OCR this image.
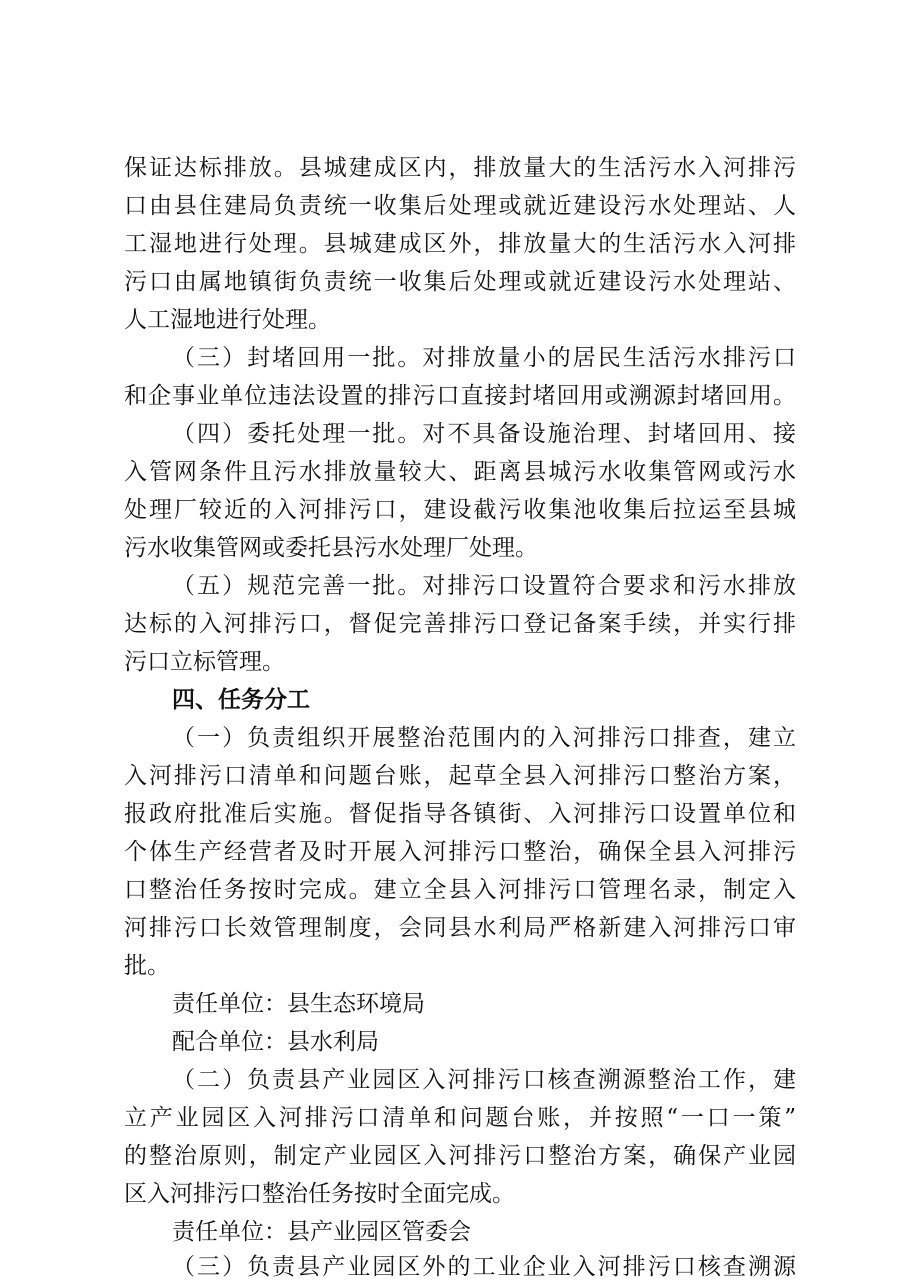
保证达标排放。县城建成区内，排放量大的生活污水入河排污
口由县住建局负责统一收集后处理或就近建设污水处理站、人
工湿地进行处理。县城建成区外，排放量大的生活污水入河排
污口由属地镇街负责统一收集后处理或就近建设污水处理站、
人工湿地进行处理。
（三）封堵回用一批。对排放量小的居民生活污水排污口
和企事业单位违法设置的排污口直接封堵回用或溯源封堵回用。
（四）委托处理一批。对不具备设施治理、封堵回用、接
入管网条件且污水排放量较大、距离县城污水收集管网或污水
处理厂较近的入河排污口，建设截污收集池收集后拉运至县城
污水收集管网或委托县污水处理厂处理。
（五）规范完善一批。对排污口设置符合要求和污水排放
达标的入河排污口，督促完善排污口登记备案手续，并实行排
污口立标管理。
四、任务分工
（一）负责组织开展整治范围内的入河排污口排查，建立
入河排污口清单和问题台账，起草全县入河排污口整治方案，
报政府批准后实施。督促指导各镇街、入河排污口设置单位和
个体生产经营者及时开展入河排污口整治，确保全县入河排污
口整治任务按时完成。建立全县入河排污口管理名录，制定入
河排污口长效管理制度，会同县水利局严格新建入河排污口审
批。
责任单位：县生态环境局
配合单位：县水利局
（二）负责县产业园区入河排污口核查溯源整治工作，建
立产业园区入河排污口清单和问题台账，并按照“一口一策”
的整治原则，制定产业园区入河排污口整治方案，确保产业园
区入河排污口整治任务按时全面完成。
责任单位：县产业园区管委会
（三）负责县产业园区外的工业企业入河排污口核查溯源
